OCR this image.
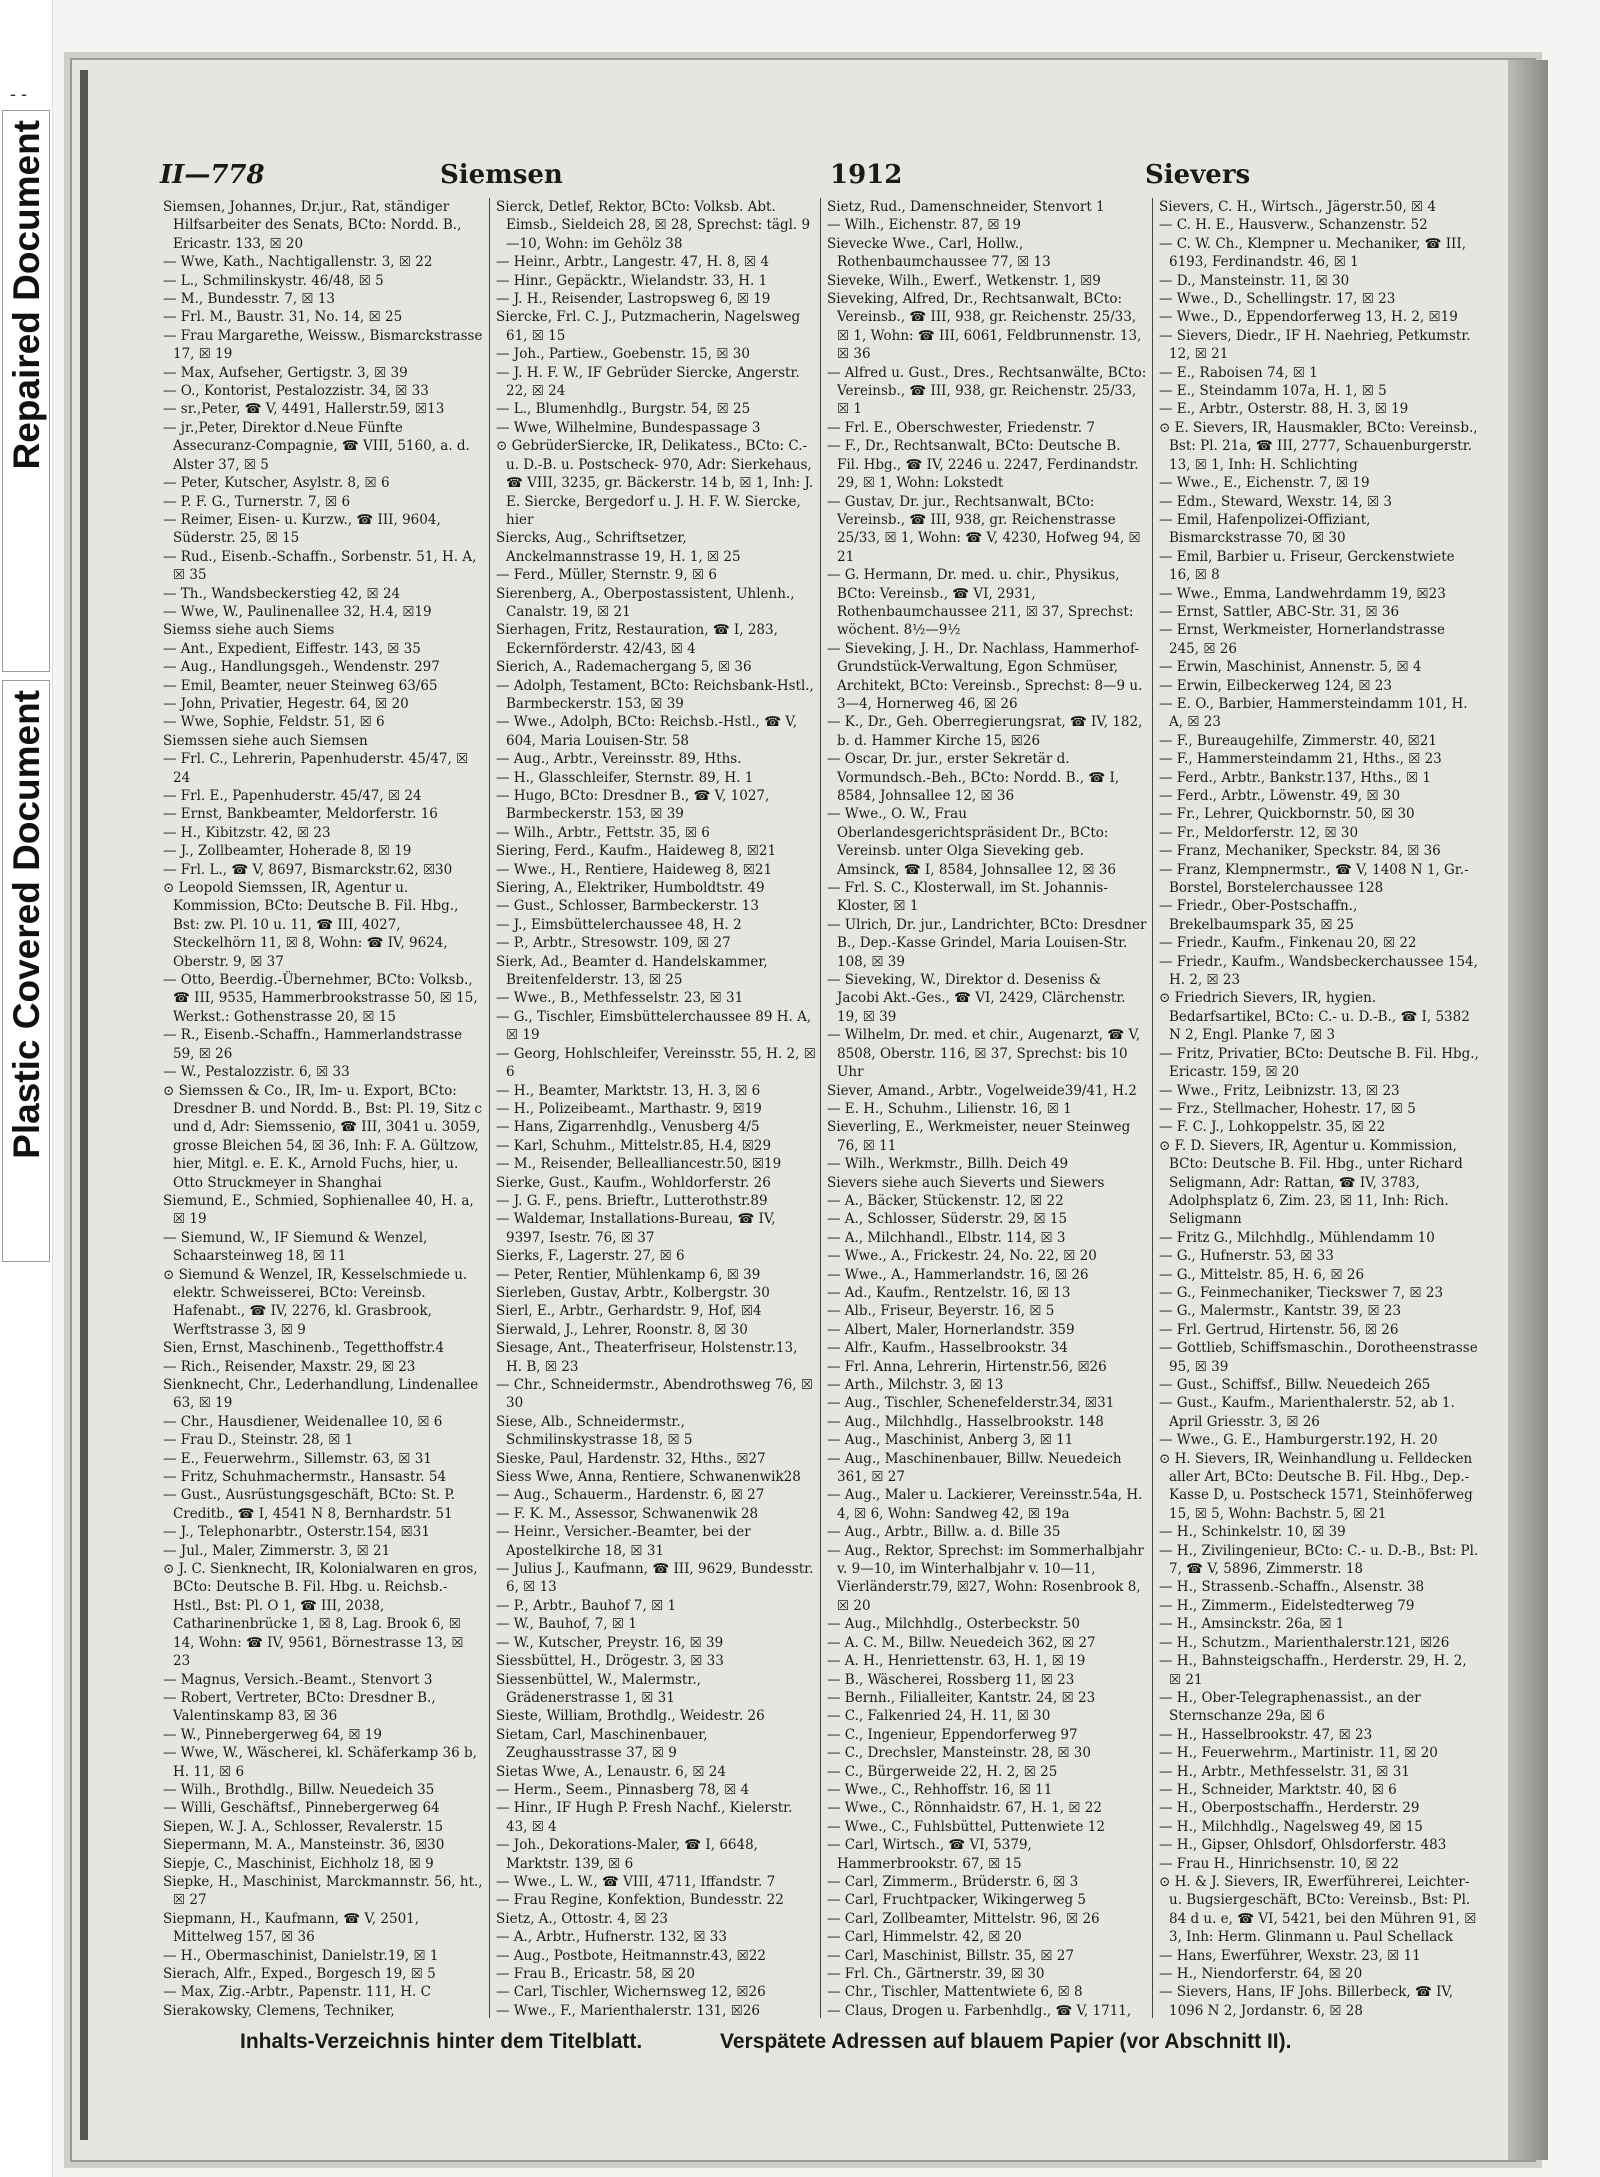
- -
Repaired Document
Plastic Covered Document
II—778	Siemsen	1912	Sievers

Siemsen, Johannes, Dr.jur., Rat, ständiger Hilfsarbeiter des Senats, BCto: Nordd. B., Ericastr. 133, ☒ 20

— Wwe, Kath., Nachtigallenstr. 3, ☒ 22

— L., Schmilinskystr. 46/48, ☒ 5

— M., Bundesstr. 7, ☒ 13

— Frl. M., Baustr. 31, No. 14, ☒ 25

— Frau Margarethe, Weissw., Bismarckstrasse 17, ☒ 19

— Max, Aufseher, Gertigstr. 3, ☒ 39

— O., Kontorist, Pestalozzistr. 34, ☒ 33

— sr.,Peter, ☎ V, 4491, Hallerstr.59, ☒13

— jr.,Peter, Direktor d.Neue Fünfte Assecuranz-Compagnie, ☎ VIII, 5160, a. d. Alster 37, ☒ 5

— Peter, Kutscher, Asylstr. 8, ☒ 6

— P. F. G., Turnerstr. 7, ☒ 6

— Reimer, Eisen- u. Kurzw., ☎ III, 9604, Süderstr. 25, ☒ 15

— Rud., Eisenb.-Schaffn., Sorbenstr. 51, H. A, ☒ 35

— Th., Wandsbeckerstieg 42, ☒ 24

— Wwe, W., Paulinenallee 32, H.4, ☒19

Siemss siehe auch Siems

— Ant., Expedient, Eiffestr. 143, ☒ 35

— Aug., Handlungsgeh., Wendenstr. 297

— Emil, Beamter, neuer Steinweg 63/65

— John, Privatier, Hegestr. 64, ☒ 20

— Wwe, Sophie, Feldstr. 51, ☒ 6

Siemssen siehe auch Siemsen

— Frl. C., Lehrerin, Papenhuderstr. 45/47, ☒ 24

— Frl. E., Papenhuderstr. 45/47, ☒ 24

— Ernst, Bankbeamter, Meldorferstr. 16

— H., Kibitzstr. 42, ☒ 23

— J., Zollbeamter, Hoherade 8, ☒ 19

— Frl. L., ☎ V, 8697, Bismarckstr.62, ☒30

⊙ Leopold Siemssen, IR, Agentur u. Kommission, BCto: Deutsche B. Fil. Hbg., Bst: zw. Pl. 10 u. 11, ☎ III, 4027, Steckelhörn 11, ☒ 8, Wohn: ☎ IV, 9624, Oberstr. 9, ☒ 37

— Otto, Beerdig.-Übernehmer, BCto: Volksb., ☎ III, 9535, Hammerbrookstrasse 50, ☒ 15, Werkst.: Gothenstrasse 20, ☒ 15

— R., Eisenb.-Schaffn., Hammerlandstrasse 59, ☒ 26

— W., Pestalozzistr. 6, ☒ 33

⊙ Siemssen & Co., IR, Im- u. Export, BCto: Dresdner B. und Nordd. B., Bst: Pl. 19, Sitz c und d, Adr: Siemssenio, ☎ III, 3041 u. 3059, grosse Bleichen 54, ☒ 36, Inh: F. A. Gültzow, hier, Mitgl. e. E. K., Arnold Fuchs, hier, u. Otto Struckmeyer in Shanghai

Siemund, E., Schmied, Sophienallee 40, H. a, ☒ 19

— Siemund, W., IF Siemund & Wenzel, Schaarsteinweg 18, ☒ 11

⊙ Siemund & Wenzel, IR, Kesselschmiede u. elektr. Schweisserei, BCto: Vereinsb. Hafenabt., ☎ IV, 2276, kl. Grasbrook, Werftstrasse 3, ☒ 9

Sien, Ernst, Maschinenb., Tegetthoffstr.4

— Rich., Reisender, Maxstr. 29, ☒ 23

Sienknecht, Chr., Lederhandlung, Lindenallee 63, ☒ 19

— Chr., Hausdiener, Weidenallee 10, ☒ 6

— Frau D., Steinstr. 28, ☒ 1

— E., Feuerwehrm., Sillemstr. 63, ☒ 31

— Fritz, Schuhmachermstr., Hansastr. 54

— Gust., Ausrüstungsgeschäft, BCto: St. P. Creditb., ☎ I, 4541 N 8, Bernhardstr. 51

— J., Telephonarbtr., Osterstr.154, ☒31

— Jul., Maler, Zimmerstr. 3, ☒ 21

⊙ J. C. Sienknecht, IR, Kolonialwaren en gros, BCto: Deutsche B. Fil. Hbg. u. Reichsb.-Hstl., Bst: Pl. O 1, ☎ III, 2038, Catharinenbrücke 1, ☒ 8, Lag. Brook 6, ☒ 14, Wohn: ☎ IV, 9561, Börnestrasse 13, ☒ 23

— Magnus, Versich.-Beamt., Stenvort 3

— Robert, Vertreter, BCto: Dresdner B., Valentinskamp 83, ☒ 36

— W., Pinnebergerweg 64, ☒ 19

— Wwe, W., Wäscherei, kl. Schäferkamp 36 b, H. 11, ☒ 6

— Wilh., Brothdlg., Billw. Neuedeich 35

— Willi, Geschäftsf., Pinnebergerweg 64

Siepen, W. J. A., Schlosser, Revalerstr. 15

Siepermann, M. A., Mansteinstr. 36, ☒30

Siepje, C., Maschinist, Eichholz 18, ☒ 9

Siepke, H., Maschinist, Marckmannstr. 56, ht., ☒ 27

Siepmann, H., Kaufmann, ☎ V, 2501, Mittelweg 157, ☒ 36

— H., Obermaschinist, Danielstr.19, ☒ 1

Sierach, Alfr., Exped., Borgesch 19, ☒ 5

— Max, Zig.-Arbtr., Papenstr. 111, H. C

Sierakowsky, Clemens, Techniker,

Sierck, Detlef, Rektor, BCto: Volksb. Abt. Eimsb., Sieldeich 28, ☒ 28, Sprechst: tägl. 9—10, Wohn: im Gehölz 38

— Heinr., Arbtr., Langestr. 47, H. 8, ☒ 4

— Hinr., Gepäcktr., Wielandstr. 33, H. 1

— J. H., Reisender, Lastropsweg 6, ☒ 19

Siercke, Frl. C. J., Putzmacherin, Nagelsweg 61, ☒ 15

— Joh., Partiew., Goebenstr. 15, ☒ 30

— J. H. F. W., IF Gebrüder Siercke, Angerstr. 22, ☒ 24

— L., Blumenhdlg., Burgstr. 54, ☒ 25

— Wwe, Wilhelmine, Bundespassage 3

⊙ GebrüderSiercke, IR, Delikatess., BCto: C.- u. D.-B. u. Postscheck- 970, Adr: Sierkehaus, ☎ VIII, 3235, gr. Bäckerstr. 14 b, ☒ 1, Inh: J. E. Siercke, Bergedorf u. J. H. F. W. Siercke, hier

Siercks, Aug., Schriftsetzer, Anckelmannstrasse 19, H. 1, ☒ 25

— Ferd., Müller, Sternstr. 9, ☒ 6

Sierenberg, A., Oberpostassistent, Uhlenh., Canalstr. 19, ☒ 21

Sierhagen, Fritz, Restauration, ☎ I, 283, Eckernförderstr. 42/43, ☒ 4

Sierich, A., Rademachergang 5, ☒ 36

— Adolph, Testament, BCto: Reichsbank-Hstl., Barmbeckerstr. 153, ☒ 39

— Wwe., Adolph, BCto: Reichsb.-Hstl., ☎ V, 604, Maria Louisen-Str. 58

— Aug., Arbtr., Vereinsstr. 89, Hths.

— H., Glasschleifer, Sternstr. 89, H. 1

— Hugo, BCto: Dresdner B., ☎ V, 1027, Barmbeckerstr. 153, ☒ 39

— Wilh., Arbtr., Fettstr. 35, ☒ 6

Siering, Ferd., Kaufm., Haideweg 8, ☒21

— Wwe., H., Rentiere, Haideweg 8, ☒21

Siering, A., Elektriker, Humboldtstr. 49

— Gust., Schlosser, Barmbeckerstr. 13

— J., Eimsbüttelerchaussee 48, H. 2

— P., Arbtr., Stresowstr. 109, ☒ 27

Sierk, Ad., Beamter d. Handelskammer, Breitenfelderstr. 13, ☒ 25

— Wwe., B., Methfesselstr. 23, ☒ 31

— G., Tischler, Eimsbüttelerchaussee 89 H. A, ☒ 19

— Georg, Hohlschleifer, Vereinsstr. 55, H. 2, ☒ 6

— H., Beamter, Marktstr. 13, H. 3, ☒ 6

— H., Polizeibeamt., Marthastr. 9, ☒19

— Hans, Zigarrenhdlg., Venusberg 4/5

— Karl, Schuhm., Mittelstr.85, H.4, ☒29

— M., Reisender, Bellealliancestr.50, ☒19

Sierke, Gust., Kaufm., Wohldorferstr. 26

— J. G. F., pens. Brieftr., Lutterothstr.89

— Waldemar, Installations-Bureau, ☎ IV, 9397, Isestr. 76, ☒ 37

Sierks, F., Lagerstr. 27, ☒ 6

— Peter, Rentier, Mühlenkamp 6, ☒ 39

Sierleben, Gustav, Arbtr., Kolbergstr. 30

Sierl, E., Arbtr., Gerhardstr. 9, Hof, ☒4

Sierwald, J., Lehrer, Roonstr. 8, ☒ 30

Siesage, Ant., Theaterfriseur, Holstenstr.13, H. B, ☒ 23

— Chr., Schneidermstr., Abendrothsweg 76, ☒ 30

Siese, Alb., Schneidermstr., Schmilinskystrasse 18, ☒ 5

Sieske, Paul, Hardenstr. 32, Hths., ☒27

Siess Wwe, Anna, Rentiere, Schwanenwik28

— Aug., Schauerm., Hardenstr. 6, ☒ 27

— F. K. M., Assessor, Schwanenwik 28

— Heinr., Versicher.-Beamter, bei der Apostelkirche 18, ☒ 31

— Julius J., Kaufmann, ☎ III, 9629, Bundesstr. 6, ☒ 13

— P., Arbtr., Bauhof 7, ☒ 1

— W., Bauhof, 7, ☒ 1

— W., Kutscher, Preystr. 16, ☒ 39

Siessbüttel, H., Drögestr. 3, ☒ 33

Siessenbüttel, W., Malermstr., Grädenerstrasse 1, ☒ 31

Sieste, William, Brothdlg., Weidestr. 26

Sietam, Carl, Maschinenbauer, Zeughausstrasse 37, ☒ 9

Sietas Wwe, A., Lenaustr. 6, ☒ 24

— Herm., Seem., Pinnasberg 78, ☒ 4

— Hinr., IF Hugh P. Fresh Nachf., Kielerstr. 43, ☒ 4

— Joh., Dekorations-Maler, ☎ I, 6648, Marktstr. 139, ☒ 6

— Wwe., L. W., ☎ VIII, 4711, Iffandstr. 7

— Frau Regine, Konfektion, Bundesstr. 22

Sietz, A., Ottostr. 4, ☒ 23

— A., Arbtr., Hufnerstr. 132, ☒ 33

— Aug., Postbote, Heitmannstr.43, ☒22

— Frau B., Ericastr. 58, ☒ 20

— Carl, Tischler, Wichernsweg 12, ☒26

— Wwe., F., Marienthalerstr. 131, ☒26

Sietz, Rud., Damenschneider, Stenvort 1

— Wilh., Eichenstr. 87, ☒ 19

Sievecke Wwe., Carl, Hollw., Rothenbaumchaussee 77, ☒ 13

Sieveke, Wilh., Ewerf., Wetkenstr. 1, ☒9

Sieveking, Alfred, Dr., Rechtsanwalt, BCto: Vereinsb., ☎ III, 938, gr. Reichenstr. 25/33, ☒ 1, Wohn: ☎ III, 6061, Feldbrunnenstr. 13, ☒ 36

— Alfred u. Gust., Dres., Rechtsanwälte, BCto: Vereinsb., ☎ III, 938, gr. Reichenstr. 25/33, ☒ 1

— Frl. E., Oberschwester, Friedenstr. 7

— F., Dr., Rechtsanwalt, BCto: Deutsche B. Fil. Hbg., ☎ IV, 2246 u. 2247, Ferdinandstr. 29, ☒ 1, Wohn: Lokstedt

— Gustav, Dr. jur., Rechtsanwalt, BCto: Vereinsb., ☎ III, 938, gr. Reichenstrasse 25/33, ☒ 1, Wohn: ☎ V, 4230, Hofweg 94, ☒ 21

— G. Hermann, Dr. med. u. chir., Physikus, BCto: Vereinsb., ☎ VI, 2931, Rothenbaumchaussee 211, ☒ 37, Sprechst: wöchent. 8½—9½

— Sieveking, J. H., Dr. Nachlass, Hammerhof-Grundstück-Verwaltung, Egon Schmüser, Architekt, BCto: Vereinsb., Sprechst: 8—9 u. 3—4, Hornerweg 46, ☒ 26

— K., Dr., Geh. Oberregierungsrat, ☎ IV, 182, b. d. Hammer Kirche 15, ☒26

— Oscar, Dr. jur., erster Sekretär d. Vormundsch.-Beh., BCto: Nordd. B., ☎ I, 8584, Johnsallee 12, ☒ 36

— Wwe., O. W., Frau Oberlandesgerichtspräsident Dr., BCto: Vereinsb. unter Olga Sieveking geb. Amsinck, ☎ I, 8584, Johnsallee 12, ☒ 36

— Frl. S. C., Klosterwall, im St. Johannis-Kloster, ☒ 1

— Ulrich, Dr. jur., Landrichter, BCto: Dresdner B., Dep.-Kasse Grindel, Maria Louisen-Str. 108, ☒ 39

— Sieveking, W., Direktor d. Deseniss & Jacobi Akt.-Ges., ☎ VI, 2429, Clärchenstr. 19, ☒ 39

— Wilhelm, Dr. med. et chir., Augenarzt, ☎ V, 8508, Oberstr. 116, ☒ 37, Sprechst: bis 10 Uhr

Siever, Amand., Arbtr., Vogelweide39/41, H.2

— E. H., Schuhm., Lilienstr. 16, ☒ 1

Sieverling, E., Werkmeister, neuer Steinweg 76, ☒ 11

— Wilh., Werkmstr., Billh. Deich 49

Sievers siehe auch Sieverts und Siewers

— A., Bäcker, Stückenstr. 12, ☒ 22

— A., Schlosser, Süderstr. 29, ☒ 15

— A., Milchhandl., Elbstr. 114, ☒ 3

— Wwe., A., Frickestr. 24, No. 22, ☒ 20

— Wwe., A., Hammerlandstr. 16, ☒ 26

— Ad., Kaufm., Rentzelstr. 16, ☒ 13

— Alb., Friseur, Beyerstr. 16, ☒ 5

— Albert, Maler, Hornerlandstr. 359

— Alfr., Kaufm., Hasselbrookstr. 34

— Frl. Anna, Lehrerin, Hirtenstr.56, ☒26

— Arth., Milchstr. 3, ☒ 13

— Aug., Tischler, Schenefelderstr.34, ☒31

— Aug., Milchhdlg., Hasselbrookstr. 148

— Aug., Maschinist, Anberg 3, ☒ 11

— Aug., Maschinenbauer, Billw. Neuedeich 361, ☒ 27

— Aug., Maler u. Lackierer, Vereinsstr.54a, H. 4, ☒ 6, Wohn: Sandweg 42, ☒ 19a

— Aug., Arbtr., Billw. a. d. Bille 35

— Aug., Rektor, Sprechst: im Sommerhalbjahr v. 9—10, im Winterhalbjahr v. 10—11, Vierländerstr.79, ☒27, Wohn: Rosenbrook 8, ☒ 20

— Aug., Milchhdlg., Osterbeckstr. 50

— A. C. M., Billw. Neuedeich 362, ☒ 27

— A. H., Henriettenstr. 63, H. 1, ☒ 19

— B., Wäscherei, Rossberg 11, ☒ 23

— Bernh., Filialleiter, Kantstr. 24, ☒ 23

— C., Falkenried 24, H. 11, ☒ 30

— C., Ingenieur, Eppendorferweg 97

— C., Drechsler, Mansteinstr. 28, ☒ 30

— C., Bürgerweide 22, H. 2, ☒ 25

— Wwe., C., Rehhoffstr. 16, ☒ 11

— Wwe., C., Rönnhaidstr. 67, H. 1, ☒ 22

— Wwe., C., Fuhlsbüttel, Puttenwiete 12

— Carl, Wirtsch., ☎ VI, 5379, Hammerbrookstr. 67, ☒ 15

— Carl, Zimmerm., Brüderstr. 6, ☒ 3

— Carl, Fruchtpacker, Wikingerweg 5

— Carl, Zollbeamter, Mittelstr. 96, ☒ 26

— Carl, Himmelstr. 42, ☒ 20

— Carl, Maschinist, Billstr. 35, ☒ 27

— Frl. Ch., Gärtnerstr. 39, ☒ 30

— Chr., Tischler, Mattentwiete 6, ☒ 8

— Claus, Drogen u. Farbenhdlg., ☎ V, 1711,

Sievers, C. H., Wirtsch., Jägerstr.50, ☒ 4

— C. H. E., Hausverw., Schanzenstr. 52

— C. W. Ch., Klempner u. Mechaniker, ☎ III, 6193, Ferdinandstr. 46, ☒ 1

— D., Mansteinstr. 11, ☒ 30

— Wwe., D., Schellingstr. 17, ☒ 23

— Wwe., D., Eppendorferweg 13, H. 2, ☒19

— Sievers, Diedr., IF H. Naehrieg, Petkumstr. 12, ☒ 21

— E., Raboisen 74, ☒ 1

— E., Steindamm 107a, H. 1, ☒ 5

— E., Arbtr., Osterstr. 88, H. 3, ☒ 19

⊙ E. Sievers, IR, Hausmakler, BCto: Vereinsb., Bst: Pl. 21a, ☎ III, 2777, Schauenburgerstr. 13, ☒ 1, Inh: H. Schlichting

— Wwe., E., Eichenstr. 7, ☒ 19

— Edm., Steward, Wexstr. 14, ☒ 3

— Emil, Hafenpolizei-Offiziant, Bismarckstrasse 70, ☒ 30

— Emil, Barbier u. Friseur, Gerckenstwiete 16, ☒ 8

— Wwe., Emma, Landwehrdamm 19, ☒23

— Ernst, Sattler, ABC-Str. 31, ☒ 36

— Ernst, Werkmeister, Hornerlandstrasse 245, ☒ 26

— Erwin, Maschinist, Annenstr. 5, ☒ 4

— Erwin, Eilbeckerweg 124, ☒ 23

— E. O., Barbier, Hammersteindamm 101, H. A, ☒ 23

— F., Bureaugehilfe, Zimmerstr. 40, ☒21

— F., Hammersteindamm 21, Hths., ☒ 23

— Ferd., Arbtr., Bankstr.137, Hths., ☒ 1

— Ferd., Arbtr., Löwenstr. 49, ☒ 30

— Fr., Lehrer, Quickbornstr. 50, ☒ 30

— Fr., Meldorferstr. 12, ☒ 30

— Franz, Mechaniker, Speckstr. 84, ☒ 36

— Franz, Klempnermstr., ☎ V, 1408 N 1, Gr.-Borstel, Borstelerchaussee 128

— Friedr., Ober-Postschaffn., Brekelbaumspark 35, ☒ 25

— Friedr., Kaufm., Finkenau 20, ☒ 22

— Friedr., Kaufm., Wandsbeckerchaussee 154, H. 2, ☒ 23

⊙ Friedrich Sievers, IR, hygien. Bedarfsartikel, BCto: C.- u. D.-B., ☎ I, 5382 N 2, Engl. Planke 7, ☒ 3

— Fritz, Privatier, BCto: Deutsche B. Fil. Hbg., Ericastr. 159, ☒ 20

— Wwe., Fritz, Leibnizstr. 13, ☒ 23

— Frz., Stellmacher, Hohestr. 17, ☒ 5

— F. C. J., Lohkoppelstr. 35, ☒ 22

⊙ F. D. Sievers, IR, Agentur u. Kommission, BCto: Deutsche B. Fil. Hbg., unter Richard Seligmann, Adr: Rattan, ☎ IV, 3783, Adolphsplatz 6, Zim. 23, ☒ 11, Inh: Rich. Seligmann

— Fritz G., Milchhdlg., Mühlendamm 10

— G., Hufnerstr. 53, ☒ 33

— G., Mittelstr. 85, H. 6, ☒ 26

— G., Feinmechaniker, Tieckswег 7, ☒ 23

— G., Malermstr., Kantstr. 39, ☒ 23

— Frl. Gertrud, Hirtenstr. 56, ☒ 26

— Gottlieb, Schiffsmaschin., Dorotheenstrasse 95, ☒ 39

— Gust., Schiffsf., Billw. Neuedeich 265

— Gust., Kaufm., Marienthalerstr. 52, ab 1. April Griesstr. 3, ☒ 26

— Wwe., G. E., Hamburgerstr.192, H. 20

⊙ H. Sievers, IR, Weinhandlung u. Felldecken aller Art, BCto: Deutsche B. Fil. Hbg., Dep.-Kasse D, u. Postscheck 1571, Steinhöferweg 15, ☒ 5, Wohn: Bachstr. 5, ☒ 21

— H., Schinkelstr. 10, ☒ 39

— H., Zivilingenieur, BCto: C.- u. D.-B., Bst: Pl. 7, ☎ V, 5896, Zimmerstr. 18

— H., Strassenb.-Schaffn., Alsenstr. 38

— H., Zimmerm., Eidelstedterweg 79

— H., Amsinckstr. 26a, ☒ 1

— H., Schutzm., Marienthalerstr.121, ☒26

— H., Bahnsteigschaffn., Herderstr. 29, H. 2, ☒ 21

— H., Ober-Telegraphenassist., an der Sternschanze 29a, ☒ 6

— H., Hasselbrookstr. 47, ☒ 23

— H., Feuerwehrm., Martinistr. 11, ☒ 20

— H., Arbtr., Methfesselstr. 31, ☒ 31

— H., Schneider, Marktstr. 40, ☒ 6

— H., Oberpostschaffn., Herderstr. 29

— H., Milchhdlg., Nagelsweg 49, ☒ 15

— H., Gipser, Ohlsdorf, Ohlsdorferstr. 483

— Frau H., Hinrichsenstr. 10, ☒ 22

⊙ H. & J. Sievers, IR, Ewerführerei, Leichter- u. Bugsiergeschäft, BCto: Vereinsb., Bst: Pl. 84 d u. e, ☎ VI, 5421, bei den Mühren 91, ☒ 3, Inh: Herm. Glinmann u. Paul Schellack

— Hans, Ewerführer, Wexstr. 23, ☒ 11

— H., Niendorferstr. 64, ☒ 20

— Sievers, Hans, IF Johs. Billerbeck, ☎ IV, 1096 N 2, Jordanstr. 6, ☒ 28

Inhalts-Verzeichnis hinter dem Titelblatt.	Verspätete Adressen auf blauem Papier (vor Abschnitt II).
